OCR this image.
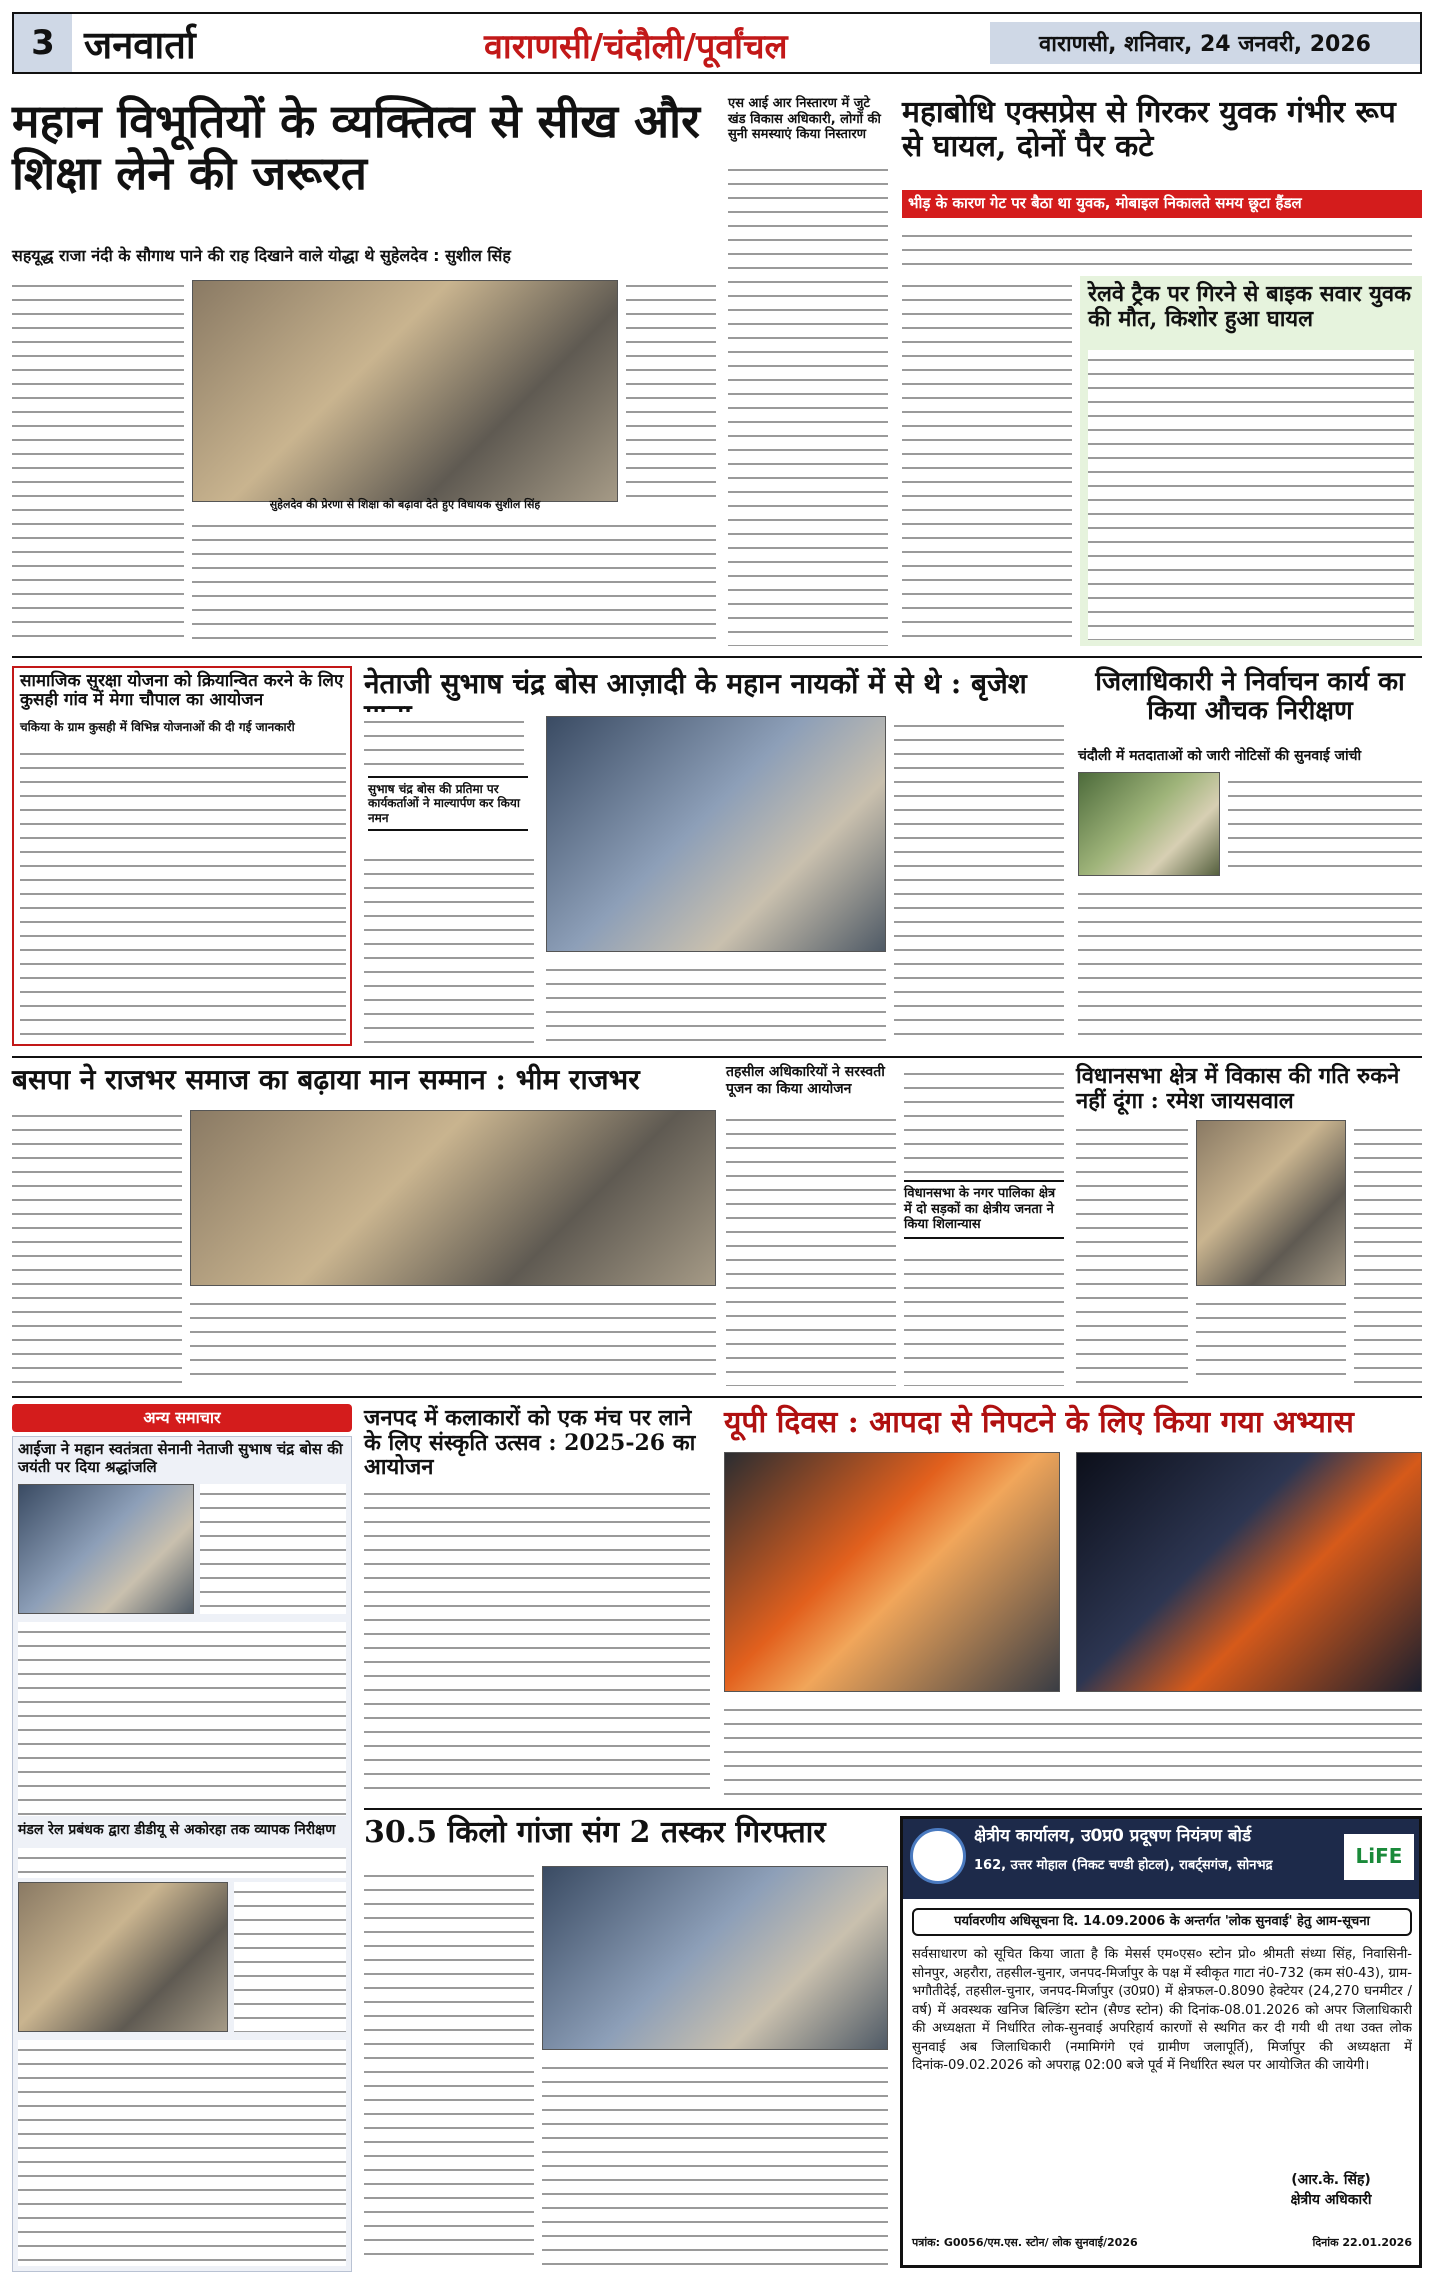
3 जनवार्ता	वाराणसी/चंदौली/पूर्वांचल	वाराणसी, शनिवार, 24 जनवरी, 2026
महान विभूतियों के व्यक्तित्व से सीख और शिक्षा लेने की जरूरत
सहयूद्ध राजा नंदी के सौगाथ पाने की राह दिखाने वाले योद्धा थे सुहेलदेव : सुशील सिंह
सुहेलदेव की प्रेरणा से शिक्षा को बढ़ावा देते हुए विधायक सुशील सिंह
एस आई आर निस्तारण में जुटे खंड विकास अधिकारी, लोगों की सुनी समस्याएं किया निस्तारण
महाबोधि एक्सप्रेस से गिरकर युवक गंभीर रूप से घायल, दोनों पैर कटे
भीड़ के कारण गेट पर बैठा था युवक, मोबाइल निकालते समय छूटा हैंडल
रेलवे ट्रैक पर गिरने से बाइक सवार युवक की मौत, किशोर हुआ घायल
सामाजिक सुरक्षा योजना को क्रियान्वित करने के लिए कुसही गांव में मेगा चौपाल का आयोजन
चकिया के ग्राम कुसही में विभिन्न योजनाओं की दी गई जानकारी
नेताजी सुभाष चंद्र बोस आज़ादी के महान नायकों में से थे : बृजेश
सुभाष चंद्र बोस की प्रतिमा पर कार्यकर्ताओं ने माल्यार्पण कर किया नमन
जिलाधिकारी ने निर्वाचन कार्य का किया औचक निरीक्षण
चंदौली में मतदाताओं को जारी नोटिसों की सुनवाई जांची
बसपा ने राजभर समाज का बढ़ाया मान सम्मान : भीम राजभर	तहसील अधिकारियों ने सरस्वती पूजन का किया आयोजन
विधानसभा के नगर पालिका क्षेत्र में दो सड़कों का क्षेत्रीय जनता ने किया शिलान्यास
विधानसभा क्षेत्र में विकास की गति रुकने नहीं दूंगा : रमेश जायसवाल
अन्य समाचार
आईजा ने महान स्वतंत्रता सेनानी नेताजी सुभाष चंद्र बोस की जयंती पर दिया श्रद्धांजलि
मंडल रेल प्रबंधक द्वारा डीडीयू से अकोरहा तक व्यापक निरीक्षण
जनपद में कलाकारों को एक मंच पर लाने के लिए संस्कृति उत्सव : 2025-26 का आयोजन
यूपी दिवस : आपदा से निपटने के लिए किया गया अभ्यास
30.5 किलो गांजा संग 2 तस्कर गिरफ्तार	क्षेत्रीय कार्यालय, उ0प्र0 प्रदूषण नियंत्रण बोर्ड
162, उत्तर मोहाल (निकट चण्डी होटल), राबर्ट्सगंज, सोनभद्र	LiFE
पर्यावरणीय अधिसूचना दि. 14.09.2006 के अन्तर्गत 'लोक सुनवाई' हेतु आम-सूचना
सर्वसाधारण को सूचित किया जाता है कि मेसर्स एम०एस० स्टोन प्रो० श्रीमती संध्या सिंह, निवासिनी-सोनपुर, अहरौरा, तहसील-चुनार, जनपद-मिर्जापुर के पक्ष में स्वीकृत गाटा नं0-732 (कम सं0-43), ग्राम-भगौतीदेई, तहसील-चुनार, जनपद-मिर्जापुर (उ0प्र0) में क्षेत्रफल-0.8090 हेक्टेयर (24,270 घनमीटर / वर्ष) में अवस्थक खनिज बिल्डिंग स्टोन (सैण्ड स्टोन) की दिनांक-08.01.2026 को अपर जिलाधिकारी की अध्यक्षता में निर्धारित लोक-सुनवाई अपरिहार्य कारणों से स्थगित कर दी गयी थी तथा उक्त लोक सुनवाई अब जिलाधिकारी (नमामिगंगे एवं ग्रामीण जलापूर्ति), मिर्जापुर की अध्यक्षता में दिनांक-09.02.2026 को अपराह्न 02:00 बजे पूर्व में निर्धारित स्थल पर आयोजित की जायेगी।
(आर.के. सिंह)
क्षेत्रीय अधिकारी
पत्रांक: G0056/एम.एस. स्टोन/ लोक सुनवाई/2026	दिनांक 22.01.2026
